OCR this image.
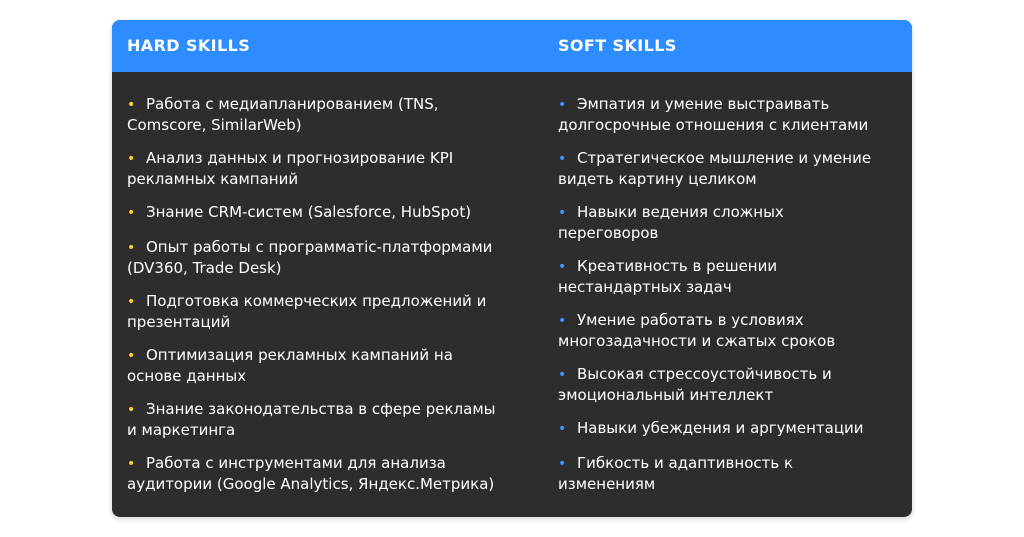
HARD SKILLS	SOFT SKILLS
• Работа с медиапланированием (TNS,
Comscore, SimilarWeb)
• Анализ данных и прогнозирование KPI
рекламных кампаний
• Знание CRM-систем (Salesforce, HubSpot)
• Опыт работы с программатic-платформами
(DV360, Trade Desk)
• Подготовка коммерческих предложений и
презентаций
• Оптимизация рекламных кампаний на
основе данных
• Знание законодательства в сфере рекламы
и маркетинга
• Работа с инструментами для анализа
аудитории (Google Analytics, Яндекс.Метрика)
• Эмпатия и умение выстраивать
долгосрочные отношения с клиентами
• Стратегическое мышление и умение
видеть картину целиком
• Навыки ведения сложных
переговоров
• Креативность в решении
нестандартных задач
• Умение работать в условиях
многозадачности и сжатых сроков
• Высокая стрессоустойчивость и
эмоциональный интеллект
• Навыки убеждения и аргументации
• Гибкость и адаптивность к
изменениям
